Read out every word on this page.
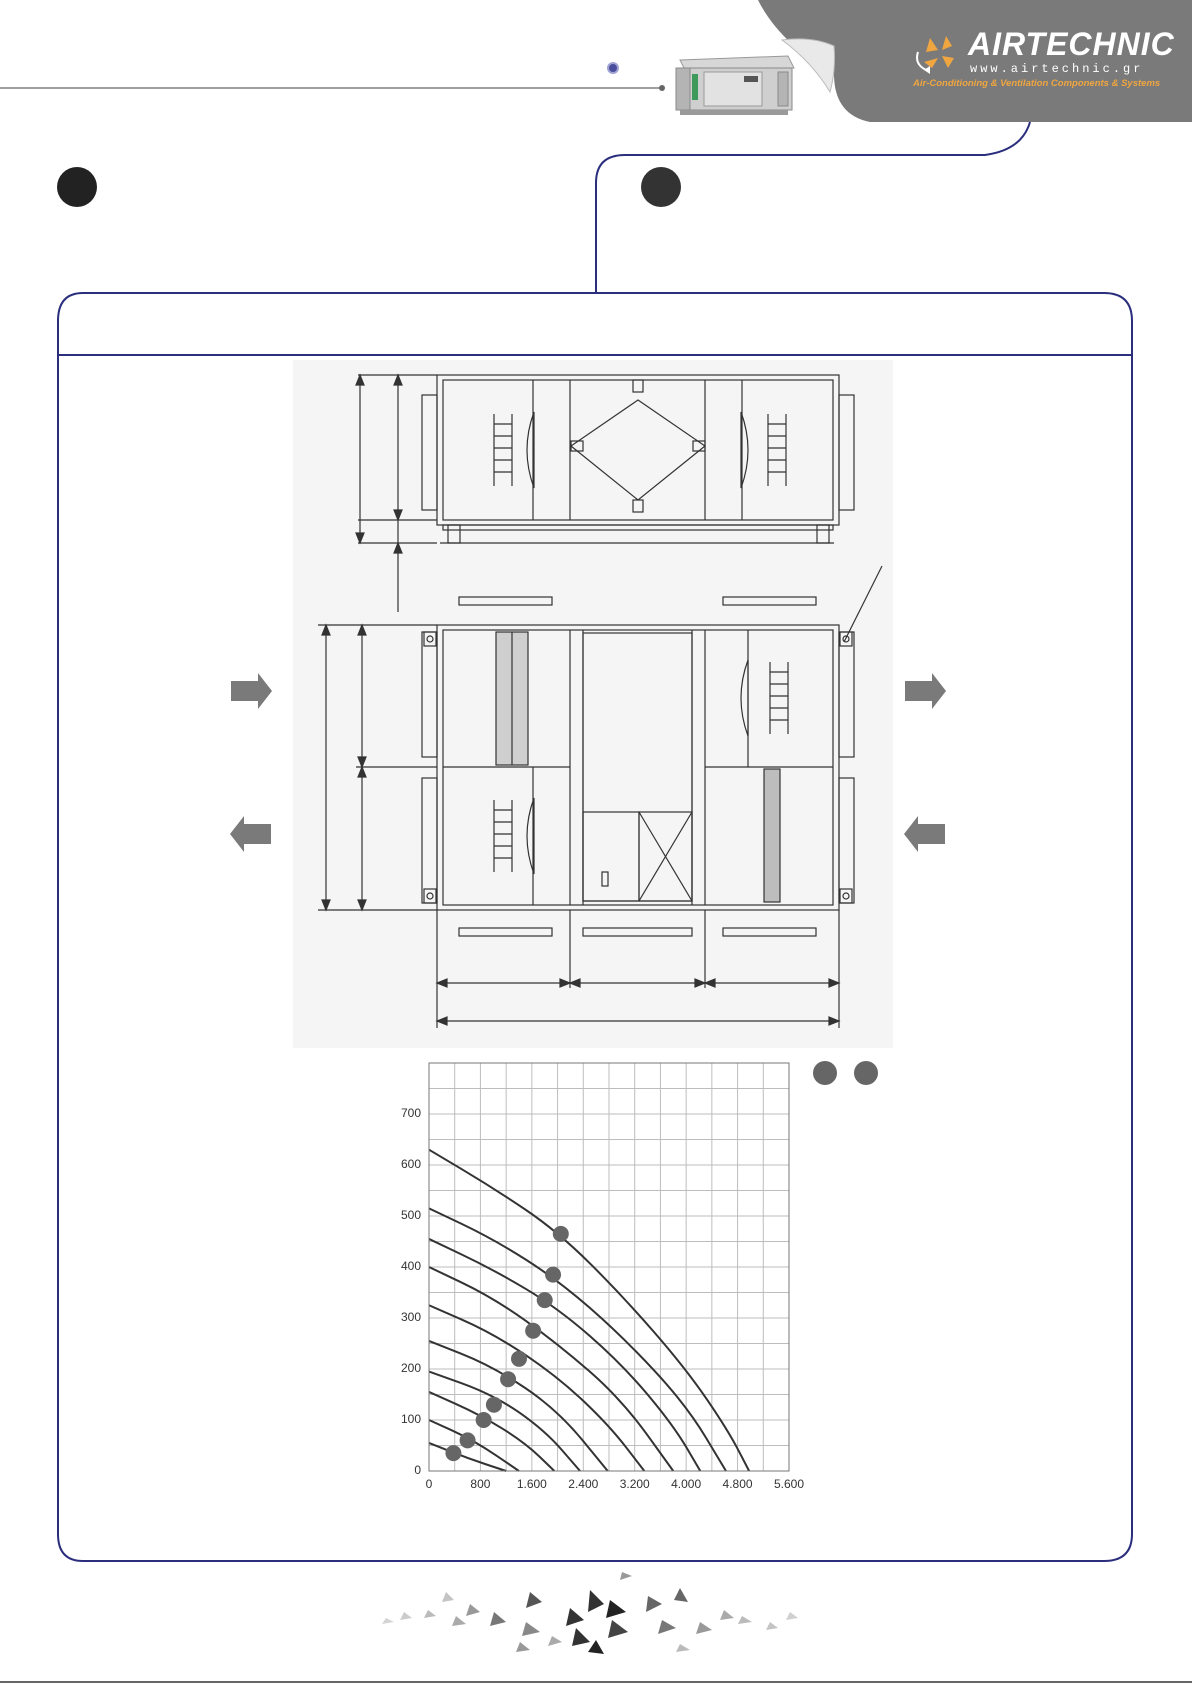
AIRTECHNIC
www.airtechnic.gr
Air-Conditioning & Ventilation Components & Systems
0
100
200
300
400
500
600
700
0	800	1.600	2.400	3.200	4.000	4.800	5.600
